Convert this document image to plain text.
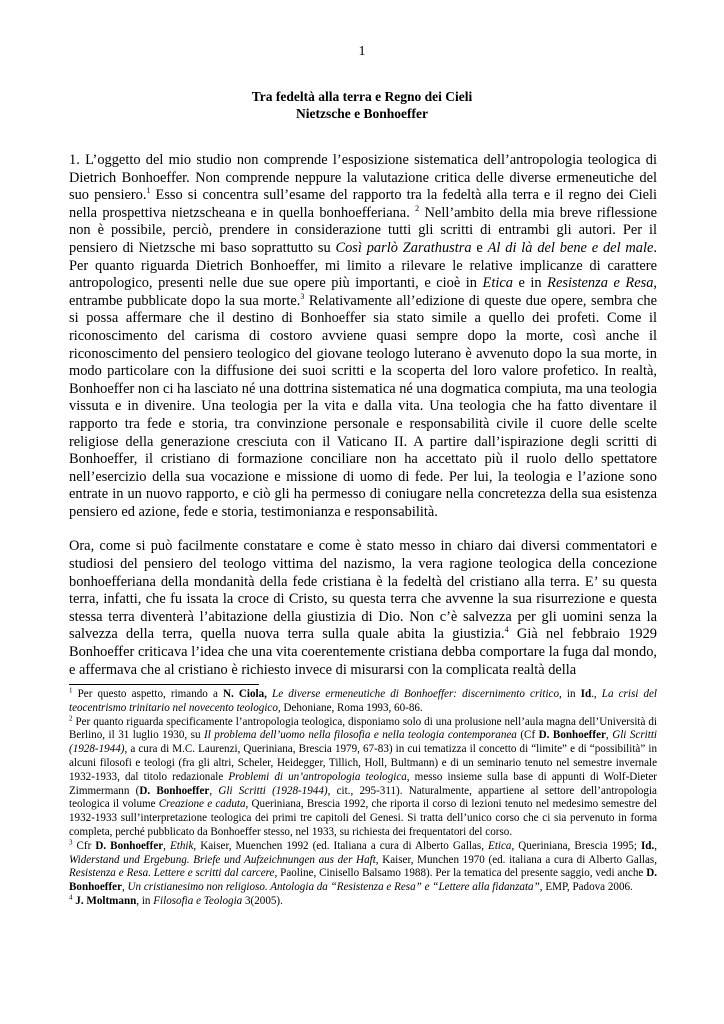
1
Tra fedeltà alla terra e Regno dei Cieli
Nietzsche e Bonhoeffer

1. L’oggetto del mio studio non comprende l’esposizione sistematica dell’antropologia teologica di Dietrich Bonhoeffer. Non comprende neppure la valutazione critica delle diverse ermeneutiche del suo pensiero.$^1$ Esso si concentra sull’esame del rapporto tra la fedeltà alla terra e il regno dei Cieli nella prospettiva nietzscheana e in quella bonhoefferiana. $^2$ Nell’ambito della mia breve riflessione non è possibile, perciò, prendere in considerazione tutti gli scritti di entrambi gli autori. Per il pensiero di Nietzsche mi baso soprattutto su Così parlò Zarathustra e Al di là del bene e del male. Per quanto riguarda Dietrich Bonhoeffer, mi limito a rilevare le relative implicanze di carattere antropologico, presenti nelle due sue opere più importanti, e cioè in Etica e in Resistenza e Resa, entrambe pubblicate dopo la sua morte.$^3$ Relativamente all’edizione di queste due opere, sembra che si possa affermare che il destino di Bonhoeffer sia stato simile a quello dei profeti. Come il riconoscimento del carisma di costoro avviene quasi sempre dopo la morte, così anche il riconoscimento del pensiero teologico del giovane teologo luterano è avvenuto dopo la sua morte, in modo particolare con la diffusione dei suoi scritti e la scoperta del loro valore profetico. In realtà, Bonhoeffer non ci ha lasciato né una dottrina sistematica né una dogmatica compiuta, ma una teologia vissuta e in divenire. Una teologia per la vita e dalla vita. Una teologia che ha fatto diventare il rapporto tra fede e storia, tra convinzione personale e responsabilità civile il cuore delle scelte religiose della generazione cresciuta con il Vaticano II. A partire dall’ispirazione degli scritti di Bonhoeffer, il cristiano di formazione conciliare non ha accettato più il ruolo dello spettatore nell’esercizio della sua vocazione e missione di uomo di fede. Per lui, la teologia e l’azione sono entrate in un nuovo rapporto, e ciò gli ha permesso di coniugare nella concretezza della sua esistenza pensiero ed azione, fede e storia, testimonianza e responsabilità.

Ora, come si può facilmente constatare e come è stato messo in chiaro dai diversi commentatori e studiosi del pensiero del teologo vittima del nazismo, la vera ragione teologica della concezione bonhoefferiana della mondanità della fede cristiana è la fedeltà del cristiano alla terra. E’ su questa terra, infatti, che fu issata la croce di Cristo, su questa terra che avvenne la sua risurrezione e questa stessa terra diventerà l’abitazione della giustizia di Dio. Non c’è salvezza per gli uomini senza la salvezza della terra, quella nuova terra sulla quale abita la giustizia.$^4$ Già nel febbraio 1929 Bonhoeffer criticava l’idea che una vita coerentemente cristiana debba comportare la fuga dal mondo, e affermava che al cristiano è richiesto invece di misurarsi con la complicata realtà della

$^1$ Per questo aspetto, rimando a N. Ciola, Le diverse ermeneutiche di Bonhoeffer: discernimento critico, in Id., La crisi del teocentrismo trinitario nel novecento teologico, Dehoniane, Roma 1993, 60-86.

$^2$ Per quanto riguarda specificamente l’antropologia teologica, disponiamo solo di una prolusione nell’aula magna dell’Università di Berlino, il 31 luglio 1930, su Il problema dell’uomo nella filosofia e nella teologia contemporanea (Cf D. Bonhoeffer, Gli Scritti (1928-1944), a cura di M.C. Laurenzi, Queriniana, Brescia 1979, 67-83) in cui tematizza il concetto di “limite” e di “possibilità” in alcuni filosofi e teologi (fra gli altri, Scheler, Heidegger, Tillich, Holl, Bultmann) e di un seminario tenuto nel semestre invernale 1932-1933, dal titolo redazionale Problemi di un’antropologia teologica, messo insieme sulla base di appunti di Wolf-Dieter Zimmermann (D. Bonhoeffer, Gli Scritti (1928-1944), cit., 295-311). Naturalmente, appartiene al settore dell’antropologia teologica il volume Creazione e caduta, Queriniana, Brescia 1992, che riporta il corso di lezioni tenuto nel medesimo semestre del 1932-1933 sull’interpretazione teologica dei primi tre capitoli del Genesi. Si tratta dell’unico corso che ci sia pervenuto in forma completa, perché pubblicato da Bonhoeffer stesso, nel 1933, su richiesta dei frequentatori del corso.

$^3$ Cfr D. Bonhoeffer, Ethik, Kaiser, Muenchen 1992 (ed. Italiana a cura di Alberto Gallas, Etica, Queriniana, Brescia 1995; Id., Widerstand und Ergebung. Briefe und Aufzeichnungen aus der Haft, Kaiser, Munchen 1970 (ed. italiana a cura di Alberto Gallas, Resistenza e Resa. Lettere e scritti dal carcere, Paoline, Cinisello Balsamo 1988). Per la tematica del presente saggio, vedi anche D. Bonhoeffer, Un cristianesimo non religioso. Antologia da “Resistenza e Resa” e “Lettere alla fidanzata”, EMP, Padova 2006.

$^4$ J. Moltmann, in Filosofia e Teologia 3(2005).
